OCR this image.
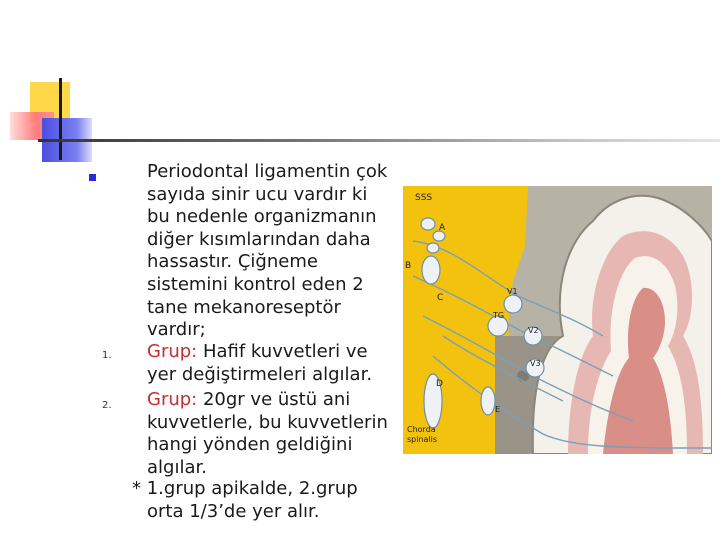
Periodontal ligamentin çok
sayıda sinir ucu vardır ki
bu nedenle organizmanın
diğer kısımlarından daha
hassastır. Çiğneme
sistemini kontrol eden 2
tane mekanoreseptör
vardır;
1. Grup: Hafif kuvvetleri ve
yer değiştirmeleri algılar.
2. Grup: 20gr ve üstü ani
kuvvetlerle, bu kuvvetlerin
hangi yönden geldiğini
algılar.
* 1.grup apikalde, 2.grup
orta 1/3’de yer alır.
SSS
A
B
C
TG
D
E
V1
V2
V3
Chorda
spinalis
